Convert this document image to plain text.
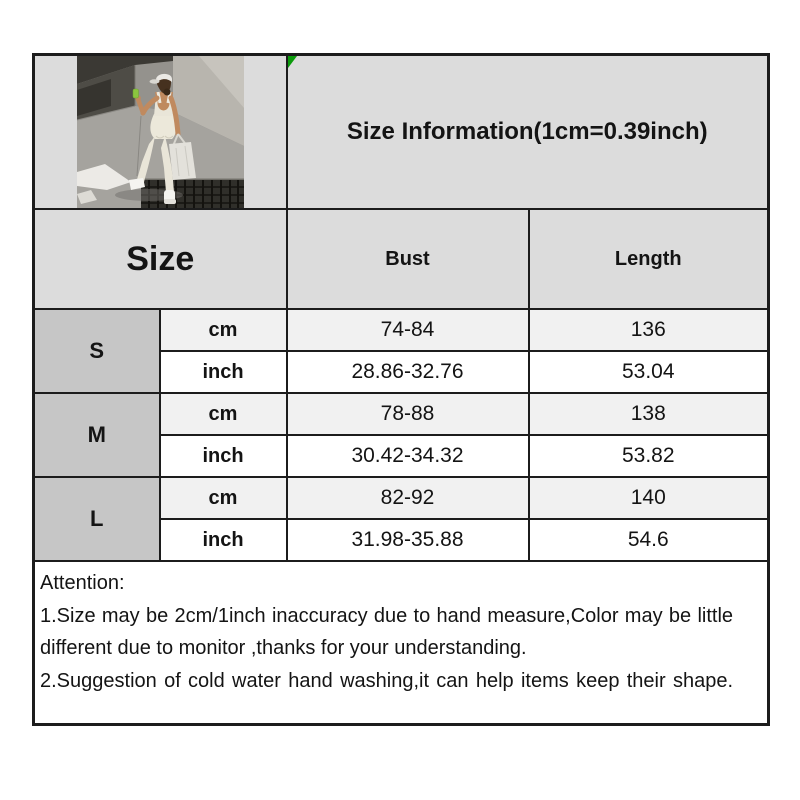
Size Information(1cm=0.39inch)	
Size		Bust	Length
S	cm	74-84	136
	inch	28.86-32.76	53.04
M	cm	78-88	138
	inch	30.42-34.32	53.82
L	cm	82-92	140
	inch	31.98-35.88	54.6

Attention:
1.Size may be 2cm/1inch inaccuracy due to hand measure,Color may be little
different due to monitor ,thanks for your understanding.
2.Suggestion of cold water hand washing,it can help items keep their shape.			
